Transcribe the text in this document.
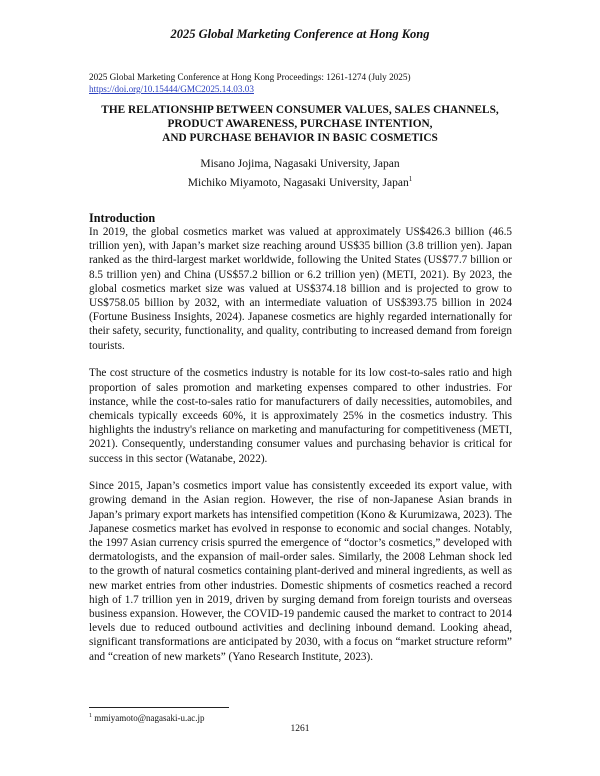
2025 Global Marketing Conference at Hong Kong
2025 Global Marketing Conference at Hong Kong Proceedings: 1261-1274 (July 2025)
https://doi.org/10.15444/GMC2025.14.03.03
THE RELATIONSHIP BETWEEN CONSUMER VALUES, SALES CHANNELS,
PRODUCT AWARENESS, PURCHASE INTENTION,
AND PURCHASE BEHAVIOR IN BASIC COSMETICS
Misano Jojima, Nagasaki University, Japan
Michiko Miyamoto, Nagasaki University, Japan$^1$
Introduction

In 2019, the global cosmetics market was valued at approximately US$426.3 billion (46.5 trillion yen), with Japan’s market size reaching around US$35 billion (3.8 trillion yen). Japan ranked as the third-largest market worldwide, following the United States (US$77.7 billion or 8.5 trillion yen) and China (US$57.2 billion or 6.2 trillion yen) (METI, 2021). By 2023, the global cosmetics market size was valued at US$374.18 billion and is projected to grow to US$758.05 billion by 2032, with an intermediate valuation of US$393.75 billion in 2024 (Fortune Business Insights, 2024). Japanese cosmetics are highly regarded internationally for their safety, security, functionality, and quality, contributing to increased demand from foreign tourists.

The cost structure of the cosmetics industry is notable for its low cost-to-sales ratio and high proportion of sales promotion and marketing expenses compared to other industries. For instance, while the cost-to-sales ratio for manufacturers of daily necessities, automobiles, and chemicals typically exceeds 60%, it is approximately 25% in the cosmetics industry. This highlights the industry's reliance on marketing and manufacturing for competitiveness (METI, 2021). Consequently, understanding consumer values and purchasing behavior is critical for success in this sector (Watanabe, 2022).

Since 2015, Japan’s cosmetics import value has consistently exceeded its export value, with growing demand in the Asian region. However, the rise of non-Japanese Asian brands in Japan’s primary export markets has intensified competition (Kono & Kurumizawa, 2023). The Japanese cosmetics market has evolved in response to economic and social changes. Notably, the 1997 Asian currency crisis spurred the emergence of “doctor’s cosmetics,” developed with dermatologists, and the expansion of mail-order sales. Similarly, the 2008 Lehman shock led to the growth of natural cosmetics containing plant-derived and mineral ingredients, as well as new market entries from other industries. Domestic shipments of cosmetics reached a record high of 1.7 trillion yen in 2019, driven by surging demand from foreign tourists and overseas business expansion. However, the COVID-19 pandemic caused the market to contract to 2014 levels due to reduced outbound activities and declining inbound demand. Looking ahead, significant transformations are anticipated by 2030, with a focus on “market structure reform” and “creation of new markets” (Yano Research Institute, 2023).

$^1$ mmiyamoto@nagasaki-u.ac.jp
1261
